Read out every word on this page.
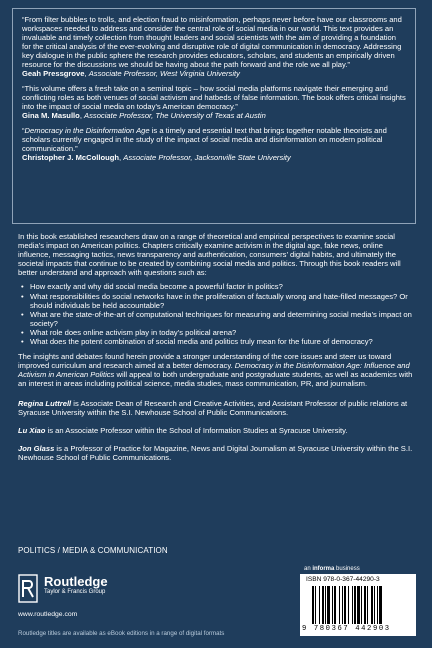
“From filter bubbles to trolls, and election fraud to misinformation, perhaps never before have our classrooms and workspaces needed to address and consider the central role of social media in our world. This text provides an invaluable and timely collection from thought leaders and social scientists with the aim of providing a foundation for the critical analysis of the ever-evolving and disruptive role of digital communication in democracy. Addressing key dialogue in the public sphere the research provides educators, scholars, and students an empirically driven resource for the discussions we should be having about the path forward and the role we all play.”
Geah Pressgrove, Associate Professor, West Virginia University
“This volume offers a fresh take on a seminal topic – how social media platforms navigate their emerging and conflicting roles as both venues of social activism and hatbeds of false information. The book offers critical insights into the impact of social media on today’s American democracy.”
Gina M. Masullo, Associate Professor, The University of Texas at Austin
“Democracy in the Disinformation Age is a timely and essential text that brings together notable theorists and scholars currently engaged in the study of the impact of social media and disinformation on modern political communication.”
Christopher J. McCollough, Associate Professor, Jacksonville State University

In this book established researchers draw on a range of theoretical and empirical perspectives to examine social media’s impact on American politics. Chapters critically examine activism in the digital age, fake news, online influence, messaging tactics, news transparency and authentication, consumers’ digital habits, and ultimately the societal impacts that continue to be created by combining social media and politics. Through this book readers will better understand and approach with questions such as:

• How exactly and why did social media become a powerful factor in politics?
• What responsibilities do social networks have in the proliferation of factually wrong and hate-filled messages? Or should individuals be held accountable?
• What are the state-of-the-art of computational techniques for measuring and determining social media’s impact on society?
• What role does online activism play in today’s political arena?
• What does the potent combination of social media and politics truly mean for the future of democracy?

The insights and debates found herein provide a stronger understanding of the core issues and steer us toward improved curriculum and research aimed at a better democracy. Democracy in the Disinformation Age: Influence and Activism in American Politics will appeal to both undergraduate and postgraduate students, as well as academics with an interest in areas including political science, media studies, mass communication, PR, and journalism.

Regina Luttrell is Associate Dean of Research and Creative Activities, and Assistant Professor of public relations at Syracuse University within the S.I. Newhouse School of Public Communications.

Lu Xiao is an Associate Professor within the School of Information Studies at Syracuse University.

Jon Glass is a Professor of Practice for Magazine, News and Digital Journalism at Syracuse University within the S.I. Newhouse School of Public Communications.

POLITICS / MEDIA & COMMUNICATION
Routledge
Taylor & Francis Group
www.routledge.com
Routledge titles are available as eBook editions in a range of digital formats
an informa business
ISBN 978-0-367-44290-3
9 780367 442903
